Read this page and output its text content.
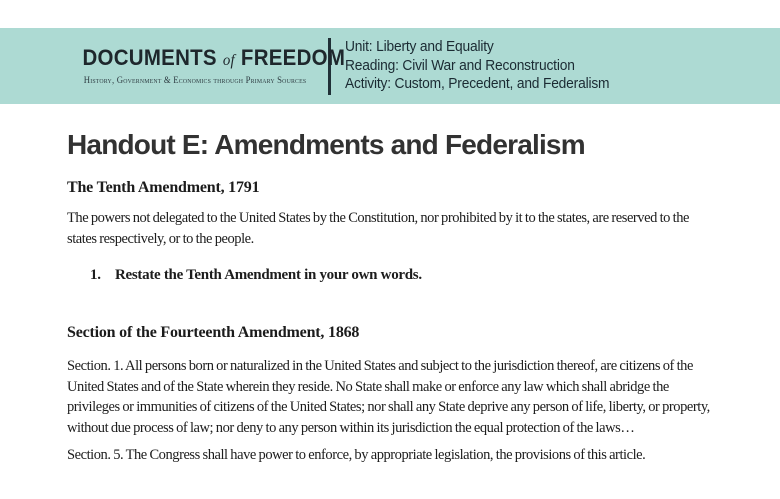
DOCUMENTS of FREEDOM
History, Government & Economics through Primary Sources
Unit: Liberty and Equality
Reading: Civil War and Reconstruction
Activity: Custom, Precedent, and Federalism
Handout E: Amendments and Federalism
The Tenth Amendment, 1791

The powers not delegated to the United States by the Constitution, nor prohibited by it to the states, are reserved to the states respectively, or to the people.

1. Restate the Tenth Amendment in your own words.
Section of the Fourteenth Amendment, 1868

Section. 1. All persons born or naturalized in the United States and subject to the jurisdiction thereof, are citizens of the United States and of the State wherein they reside. No State shall make or enforce any law which shall abridge the privileges or immunities of citizens of the United States; nor shall any State deprive any person of life, liberty, or property, without due process of law; nor deny to any person within its jurisdiction the equal protection of the laws…

Section. 5. The Congress shall have power to enforce, by appropriate legislation, the provisions of this article.
